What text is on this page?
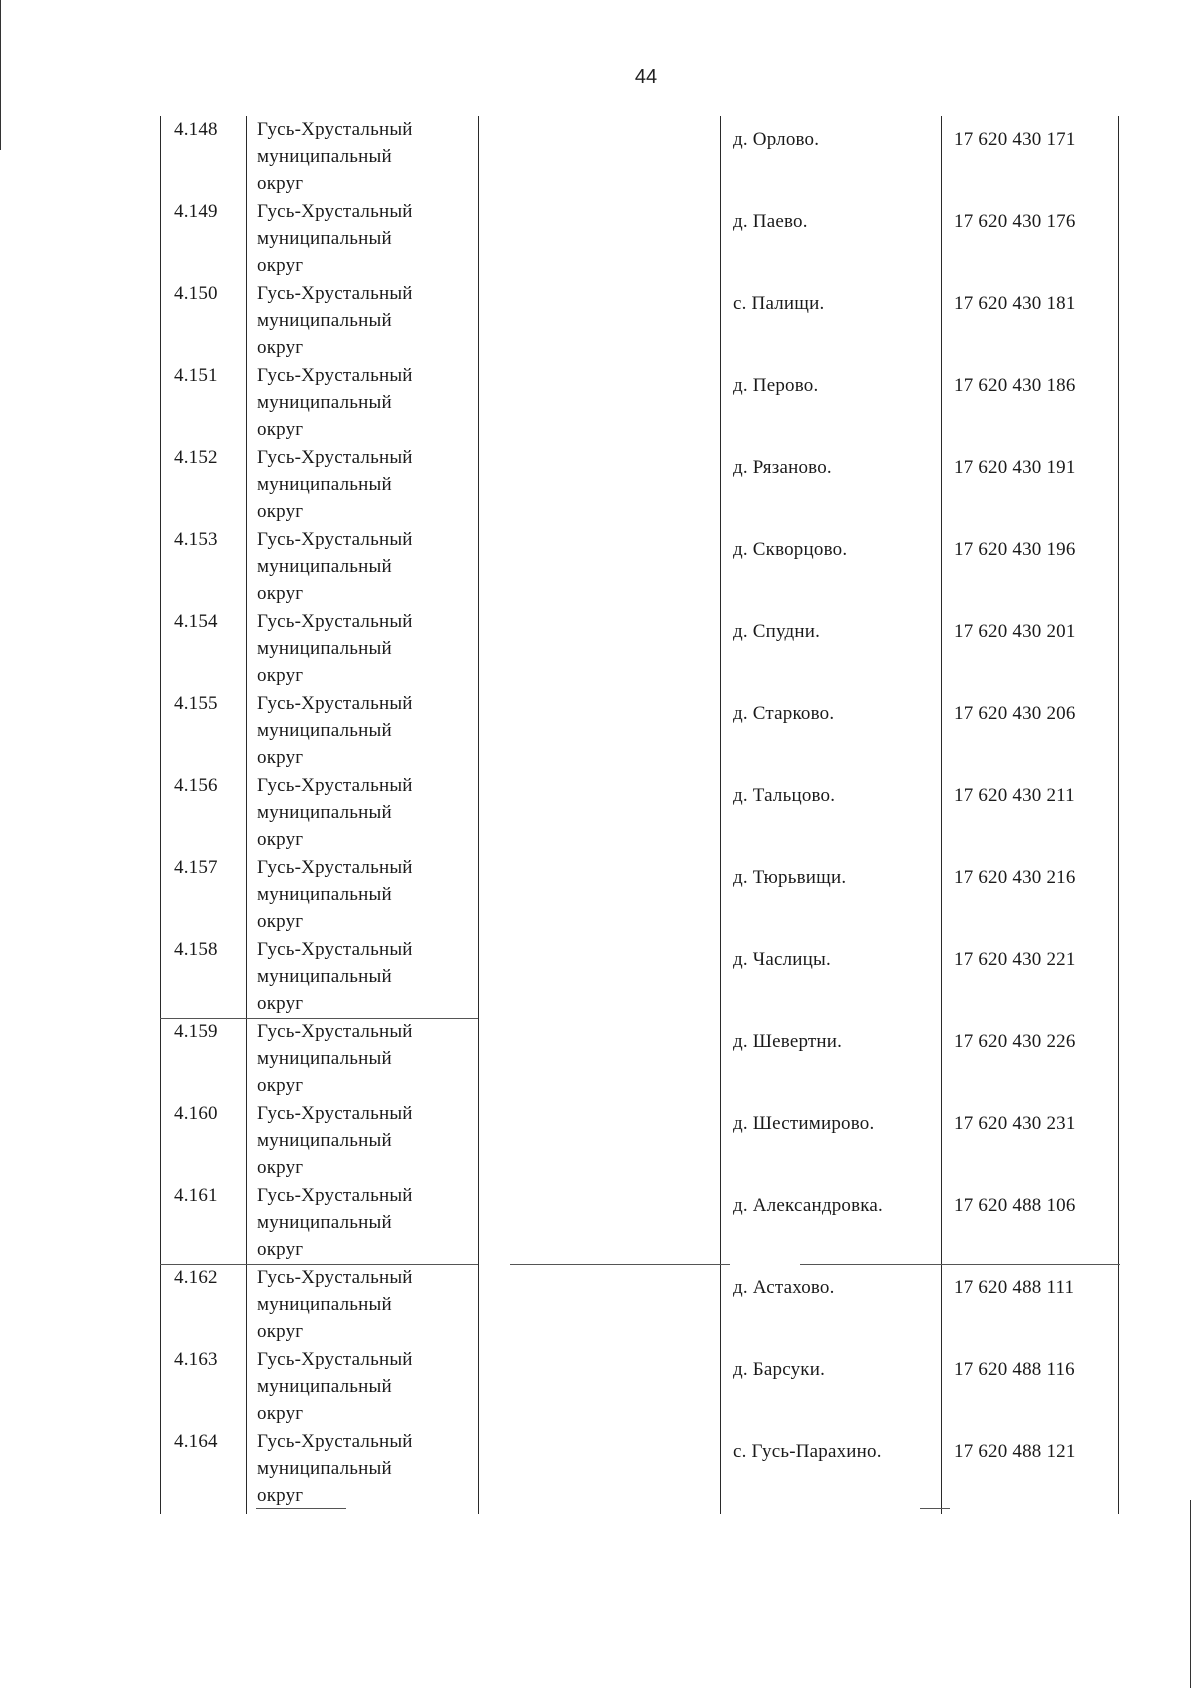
44
4.148	Гусь-Хрустальный
муниципальный
округ
д. Орлово.	17 620 430 171
4.149	Гусь-Хрустальный
муниципальный
округ
д. Паево.	17 620 430 176
4.150	Гусь-Хрустальный
муниципальный
округ
с. Палищи.	17 620 430 181
4.151	Гусь-Хрустальный
муниципальный
округ
д. Перово.	17 620 430 186
4.152	Гусь-Хрустальный
муниципальный
округ
д. Рязаново.	17 620 430 191
4.153	Гусь-Хрустальный
муниципальный
округ
д. Скворцово.	17 620 430 196
4.154	Гусь-Хрустальный
муниципальный
округ
д. Спудни.	17 620 430 201
4.155	Гусь-Хрустальный
муниципальный
округ
д. Старково.	17 620 430 206
4.156	Гусь-Хрустальный
муниципальный
округ
д. Тальцово.	17 620 430 211
4.157	Гусь-Хрустальный
муниципальный
округ
д. Тюрьвищи.	17 620 430 216
4.158	Гусь-Хрустальный
муниципальный
округ
д. Часлицы.	17 620 430 221
4.159	Гусь-Хрустальный
муниципальный
округ
д. Шевертни.	17 620 430 226
4.160	Гусь-Хрустальный
муниципальный
округ
д. Шестимирово.	17 620 430 231
4.161	Гусь-Хрустальный
муниципальный
округ
д. Александровка.	17 620 488 106
4.162	Гусь-Хрустальный
муниципальный
округ
д. Астахово.	17 620 488 111
4.163	Гусь-Хрустальный
муниципальный
округ
д. Барсуки.	17 620 488 116
4.164	Гусь-Хрустальный
муниципальный
округ
с. Гусь-Парахино.	17 620 488 121
